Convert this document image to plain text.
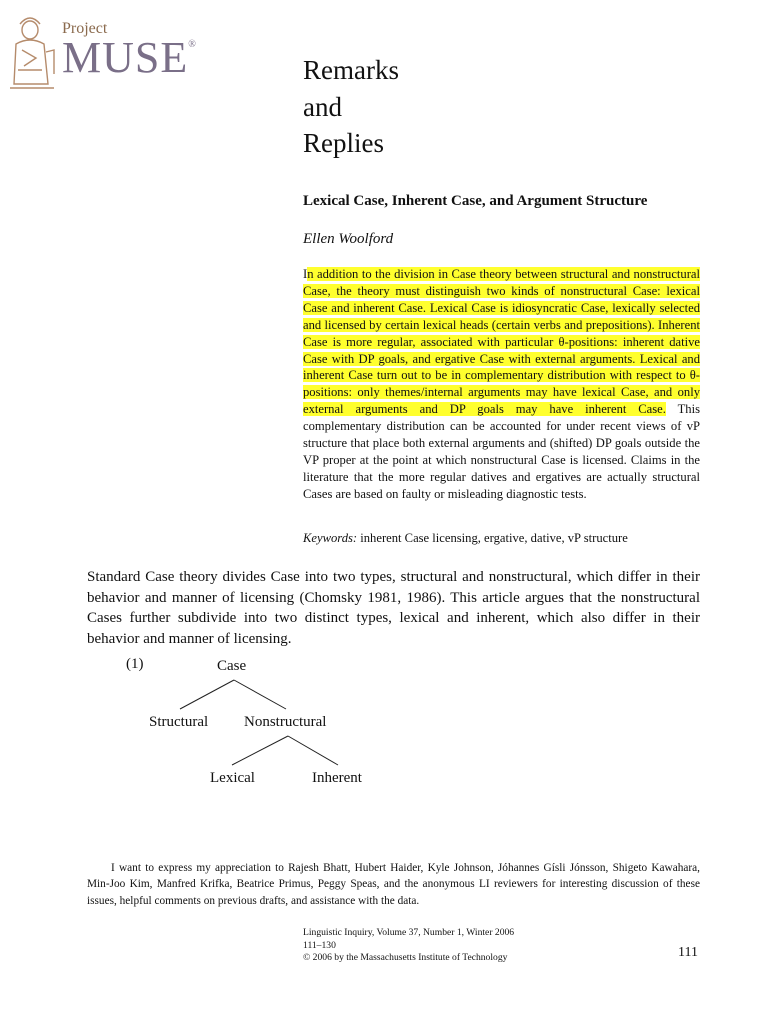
Project
MUSE®
Remarks
and
Replies
Lexical Case, Inherent Case, and Argument Structure
Ellen Woolford
In addition to the division in Case theory between structural and nonstructural Case, the theory must distinguish two kinds of nonstructural Case: lexical Case and inherent Case. Lexical Case is idiosyncratic Case, lexically selected and licensed by certain lexical heads (certain verbs and prepositions). Inherent Case is more regular, associated with particular θ-positions: inherent dative Case with DP goals, and ergative Case with external arguments. Lexical and inherent Case turn out to be in complementary distribution with respect to θ-positions: only themes/internal arguments may have lexical Case, and only external arguments and DP goals may have inherent Case. This complementary distribution can be accounted for under recent views of vP structure that place both external arguments and (shifted) DP goals outside the VP proper at the point at which nonstructural Case is licensed. Claims in the literature that the more regular datives and ergatives are actually structural Cases are based on faulty or misleading diagnostic tests.
Keywords: inherent Case licensing, ergative, dative, vP structure
Standard Case theory divides Case into two types, structural and nonstructural, which differ in their behavior and manner of licensing (Chomsky 1981, 1986). This article argues that the nonstructural Cases further subdivide into two distinct types, lexical and inherent, which also differ in their behavior and manner of licensing.
(1)	Case
Structural Nonstructural
Lexical	Inherent
I want to express my appreciation to Rajesh Bhatt, Hubert Haider, Kyle Johnson, Jóhannes Gísli Jónsson, Shigeto Kawahara, Min-Joo Kim, Manfred Krifka, Beatrice Primus, Peggy Speas, and the anonymous LI reviewers for interesting discussion of these issues, helpful comments on previous drafts, and assistance with the data.
Linguistic Inquiry, Volume 37, Number 1, Winter 2006
111–130
© 2006 by the Massachusetts Institute of Technology	111
